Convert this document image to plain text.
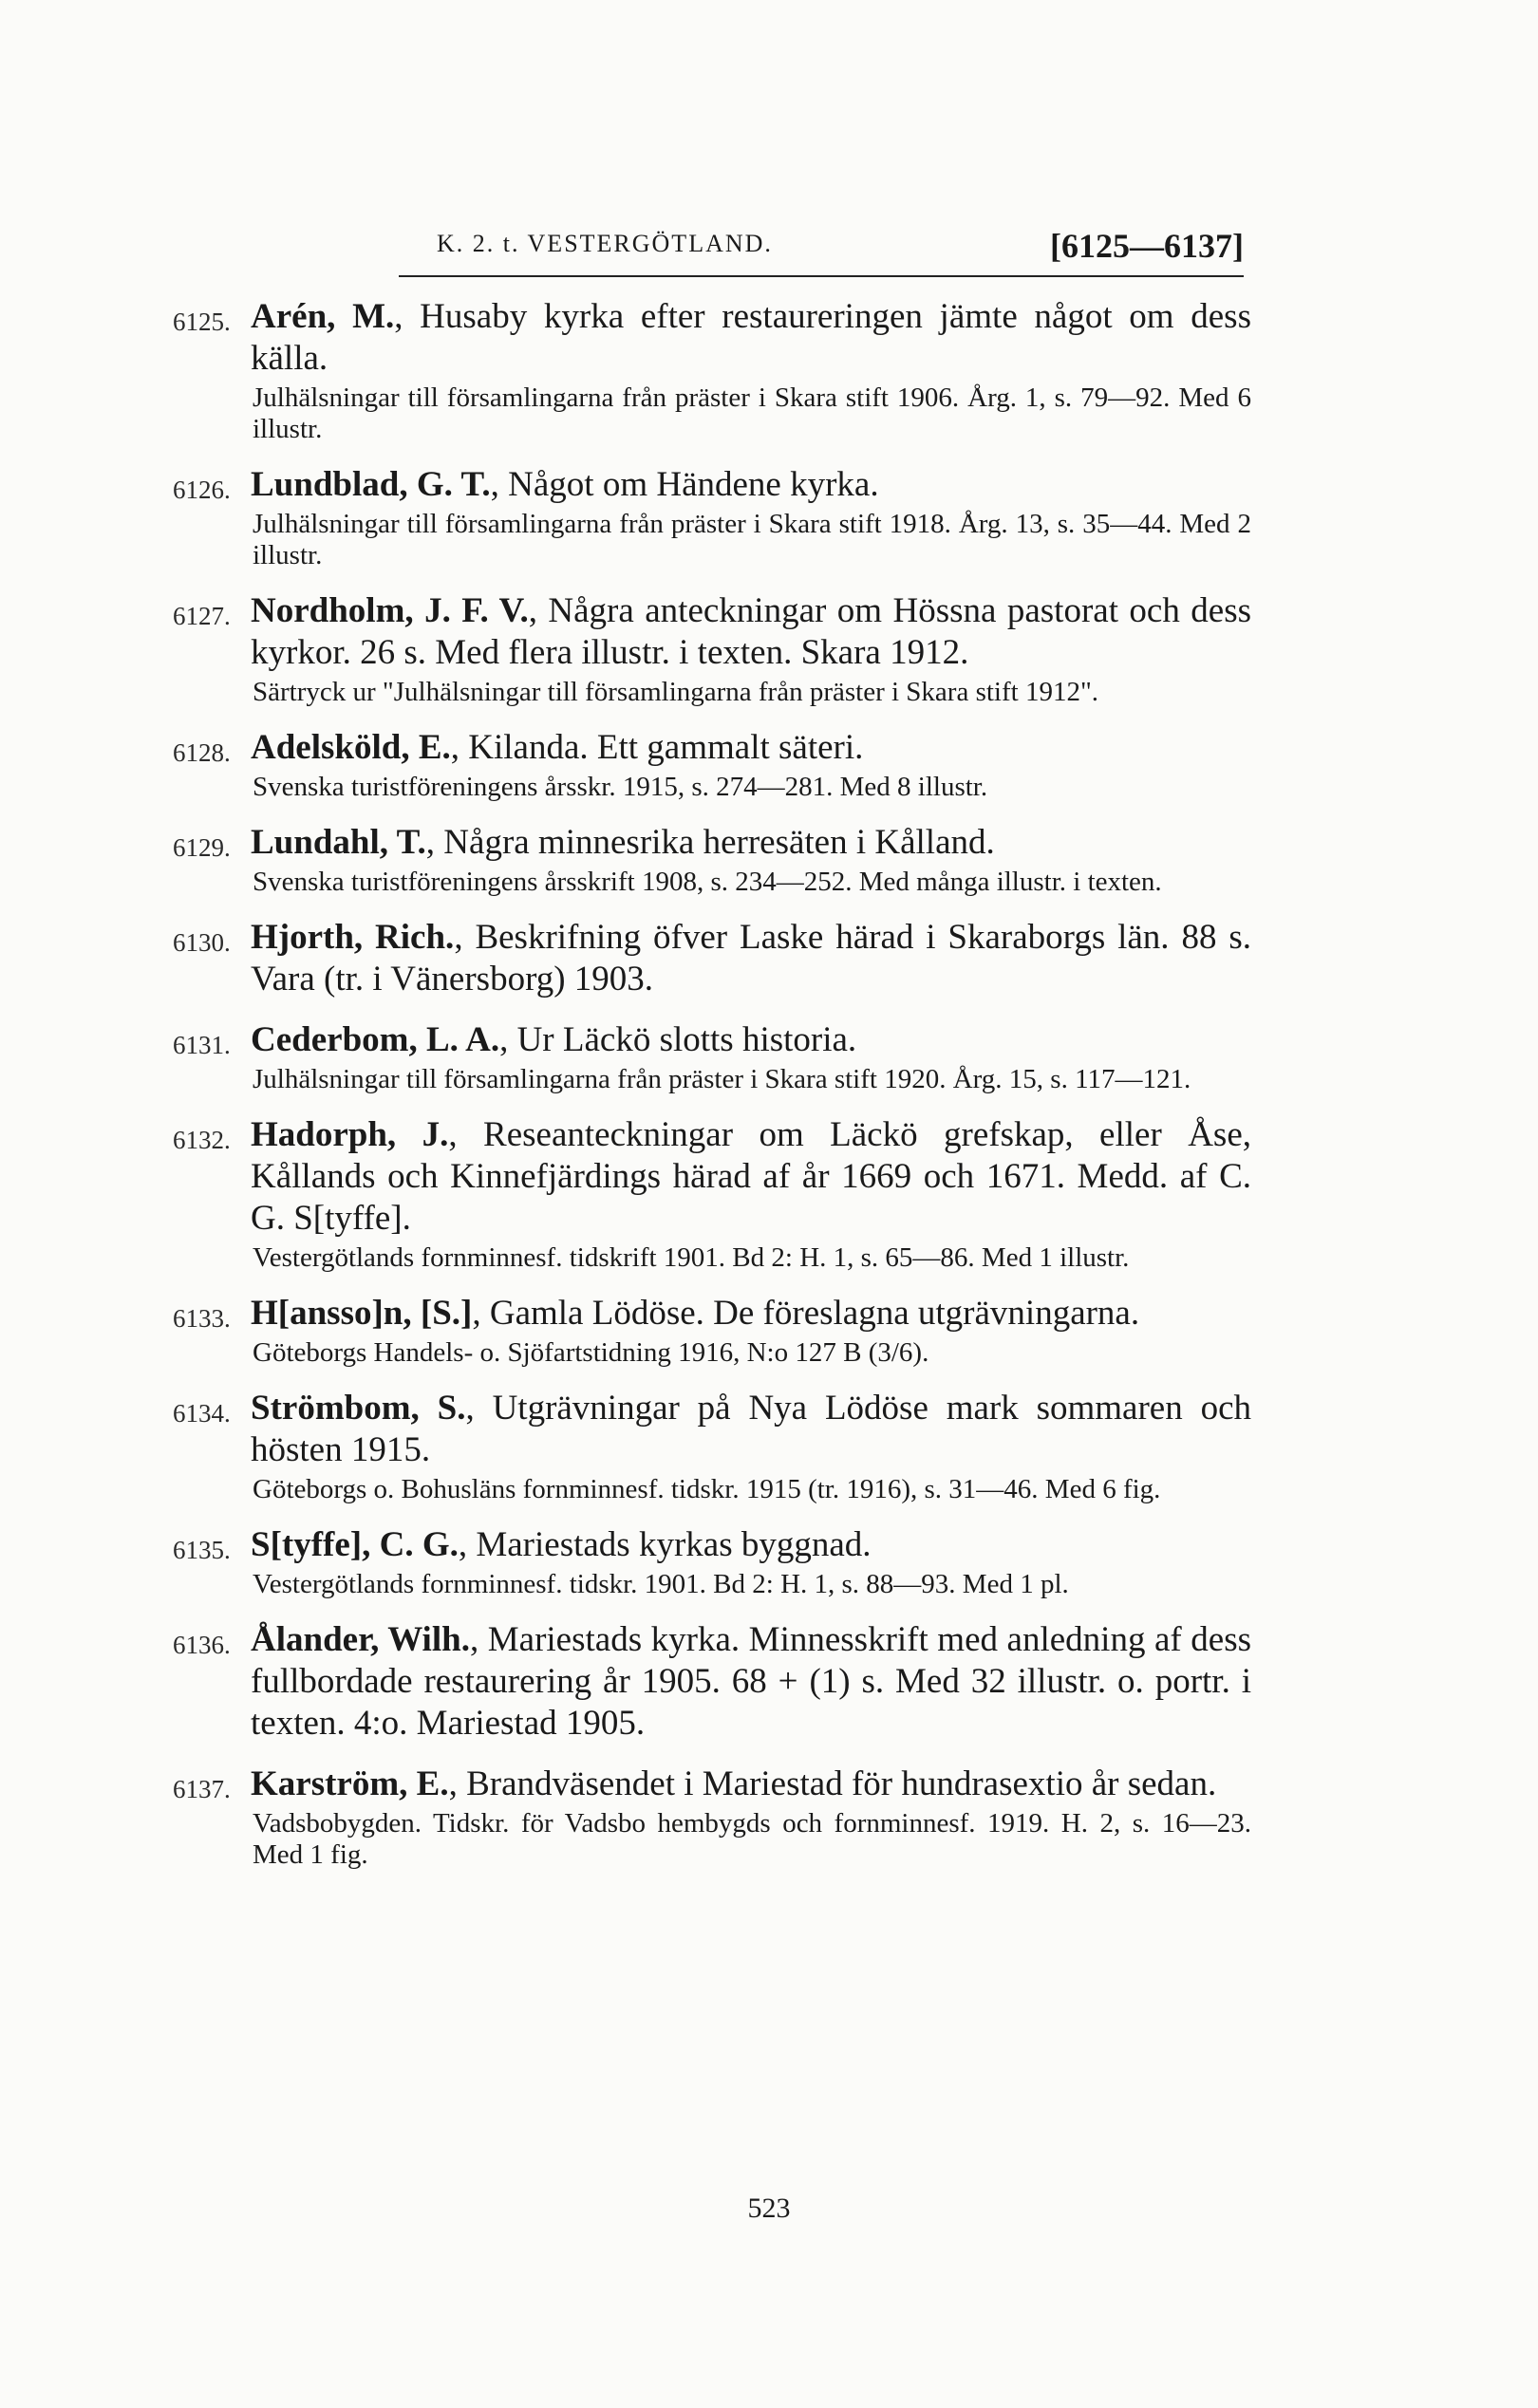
K. 2. t. VESTERGÖTLAND.	[6125—6137]
6125. Arén, M., Husaby kyrka efter restaureringen jämte något om dess källa.
Julhälsningar till församlingarna från präster i Skara stift 1906. Årg. 1, s. 79—92. Med 6 illustr.
6126. Lundblad, G. T., Något om Händene kyrka.
Julhälsningar till församlingarna från präster i Skara stift 1918. Årg. 13, s. 35—44. Med 2 illustr.
6127. Nordholm, J. F. V., Några anteckningar om Hössna pastorat och dess kyrkor. 26 s. Med flera illustr. i texten. Skara 1912.
Särtryck ur "Julhälsningar till församlingarna från präster i Skara stift 1912".
6128. Adelsköld, E., Kilanda. Ett gammalt säteri.
Svenska turistföreningens årsskr. 1915, s. 274—281. Med 8 illustr.
6129. Lundahl, T., Några minnesrika herresäten i Kålland.
Svenska turistföreningens årsskrift 1908, s. 234—252. Med många illustr. i texten.
6130. Hjorth, Rich., Beskrifning öfver Laske härad i Skaraborgs län. 88 s. Vara (tr. i Vänersborg) 1903.
6131. Cederbom, L. A., Ur Läckö slotts historia.
Julhälsningar till församlingarna från präster i Skara stift 1920. Årg. 15, s. 117—121.
6132. Hadorph, J., Reseanteckningar om Läckö grefskap, eller Åse, Kållands och Kinnefjärdings härad af år 1669 och 1671. Medd. af C. G. S[tyffe].
Vestergötlands fornminnesf. tidskrift 1901. Bd 2: H. 1, s. 65—86. Med 1 illustr.
6133. H[ansso]n, [S.], Gamla Lödöse. De föreslagna utgrävningarna.
Göteborgs Handels- o. Sjöfartstidning 1916, N:o 127 B (3/6).
6134. Strömbom, S., Utgrävningar på Nya Lödöse mark sommaren och hösten 1915.
Göteborgs o. Bohusläns fornminnesf. tidskr. 1915 (tr. 1916), s. 31—46. Med 6 fig.
6135. S[tyffe], C. G., Mariestads kyrkas byggnad.
Vestergötlands fornminnesf. tidskr. 1901. Bd 2: H. 1, s. 88—93. Med 1 pl.
6136. Ålander, Wilh., Mariestads kyrka. Minnesskrift med anledning af dess fullbordade restaurering år 1905. 68 + (1) s. Med 32 illustr. o. portr. i texten. 4:o. Mariestad 1905.
6137. Karström, E., Brandväsendet i Mariestad för hundrasextio år sedan.
Vadsbobygden. Tidskr. för Vadsbo hembygds och fornminnesf. 1919. H. 2, s. 16—23. Med 1 fig.
523
